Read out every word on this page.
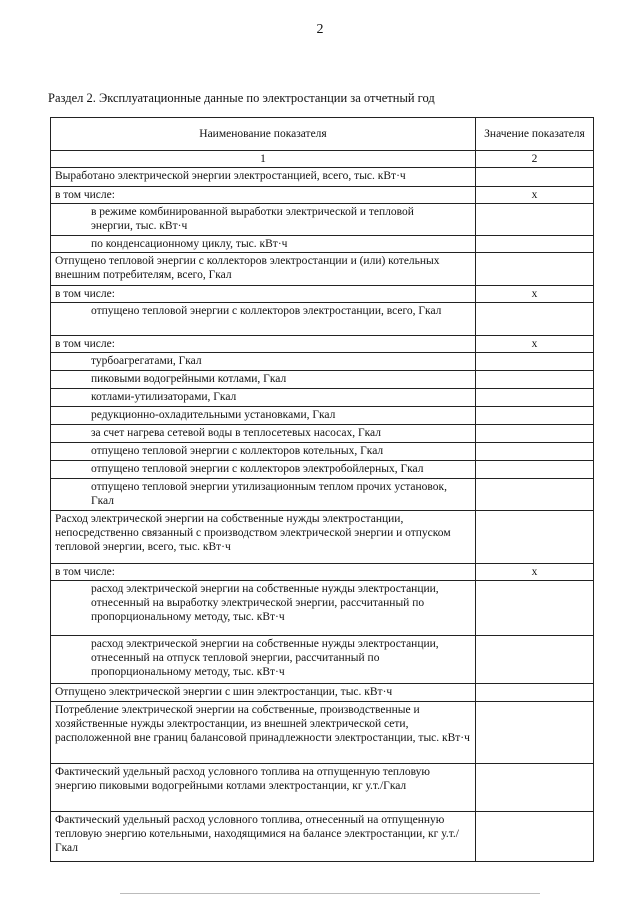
2
Раздел 2. Эксплуатационные данные по электростанции за отчетный год
Наименование показателя	Значение показателя
1	2
Выработано электрической энергии электростанцией, всего, тыс. кВт·ч	
в том числе:	x
в режиме комбинированной выработки электрической и тепловой энергии, тыс. кВт·ч	
по конденсационному циклу, тыс. кВт·ч	
Отпущено тепловой энергии с коллекторов электростанции и (или) котельных внешним потребителям, всего, Гкал	
в том числе:	x
отпущено тепловой энергии с коллекторов электростанции, всего, Гкал	
в том числе:	x
турбоагрегатами, Гкал	
пиковыми водогрейными котлами, Гкал	
котлами-утилизаторами, Гкал	
редукционно-охладительными установками, Гкал	
за счет нагрева сетевой воды в теплосетевых насосах, Гкал	
отпущено тепловой энергии с коллекторов котельных, Гкал	
отпущено тепловой энергии с коллекторов электробойлерных, Гкал	
отпущено тепловой энергии утилизационным теплом прочих установок, Гкал	
Расход электрической энергии на собственные нужды электростанции, непосредственно связанный с производством электрической энергии и отпуском тепловой энергии, всего, тыс. кВт·ч	
в том числе:	x
расход электрической энергии на собственные нужды электростанции, отнесенный на выработку электрической энергии, рассчитанный по пропорциональному методу, тыс. кВт·ч	
расход электрической энергии на собственные нужды электростанции, отнесенный на отпуск тепловой энергии, рассчитанный по пропорциональному методу, тыс. кВт·ч	
Отпущено электрической энергии с шин электростанции, тыс. кВт·ч	
Потребление электрической энергии на собственные, производственные и хозяйственные нужды электростанции, из внешней электрической сети, расположенной вне границ балансовой принадлежности электростанции, тыс. кВт·ч	
Фактический удельный расход условного топлива на отпущенную тепловую энергию пиковыми водогрейными котлами электростанции, кг у.т./Гкал	
Фактический удельный расход условного топлива, отнесенный на отпущенную тепловую энергию котельными, находящимися на балансе электростанции, кг у.т./Гкал	
